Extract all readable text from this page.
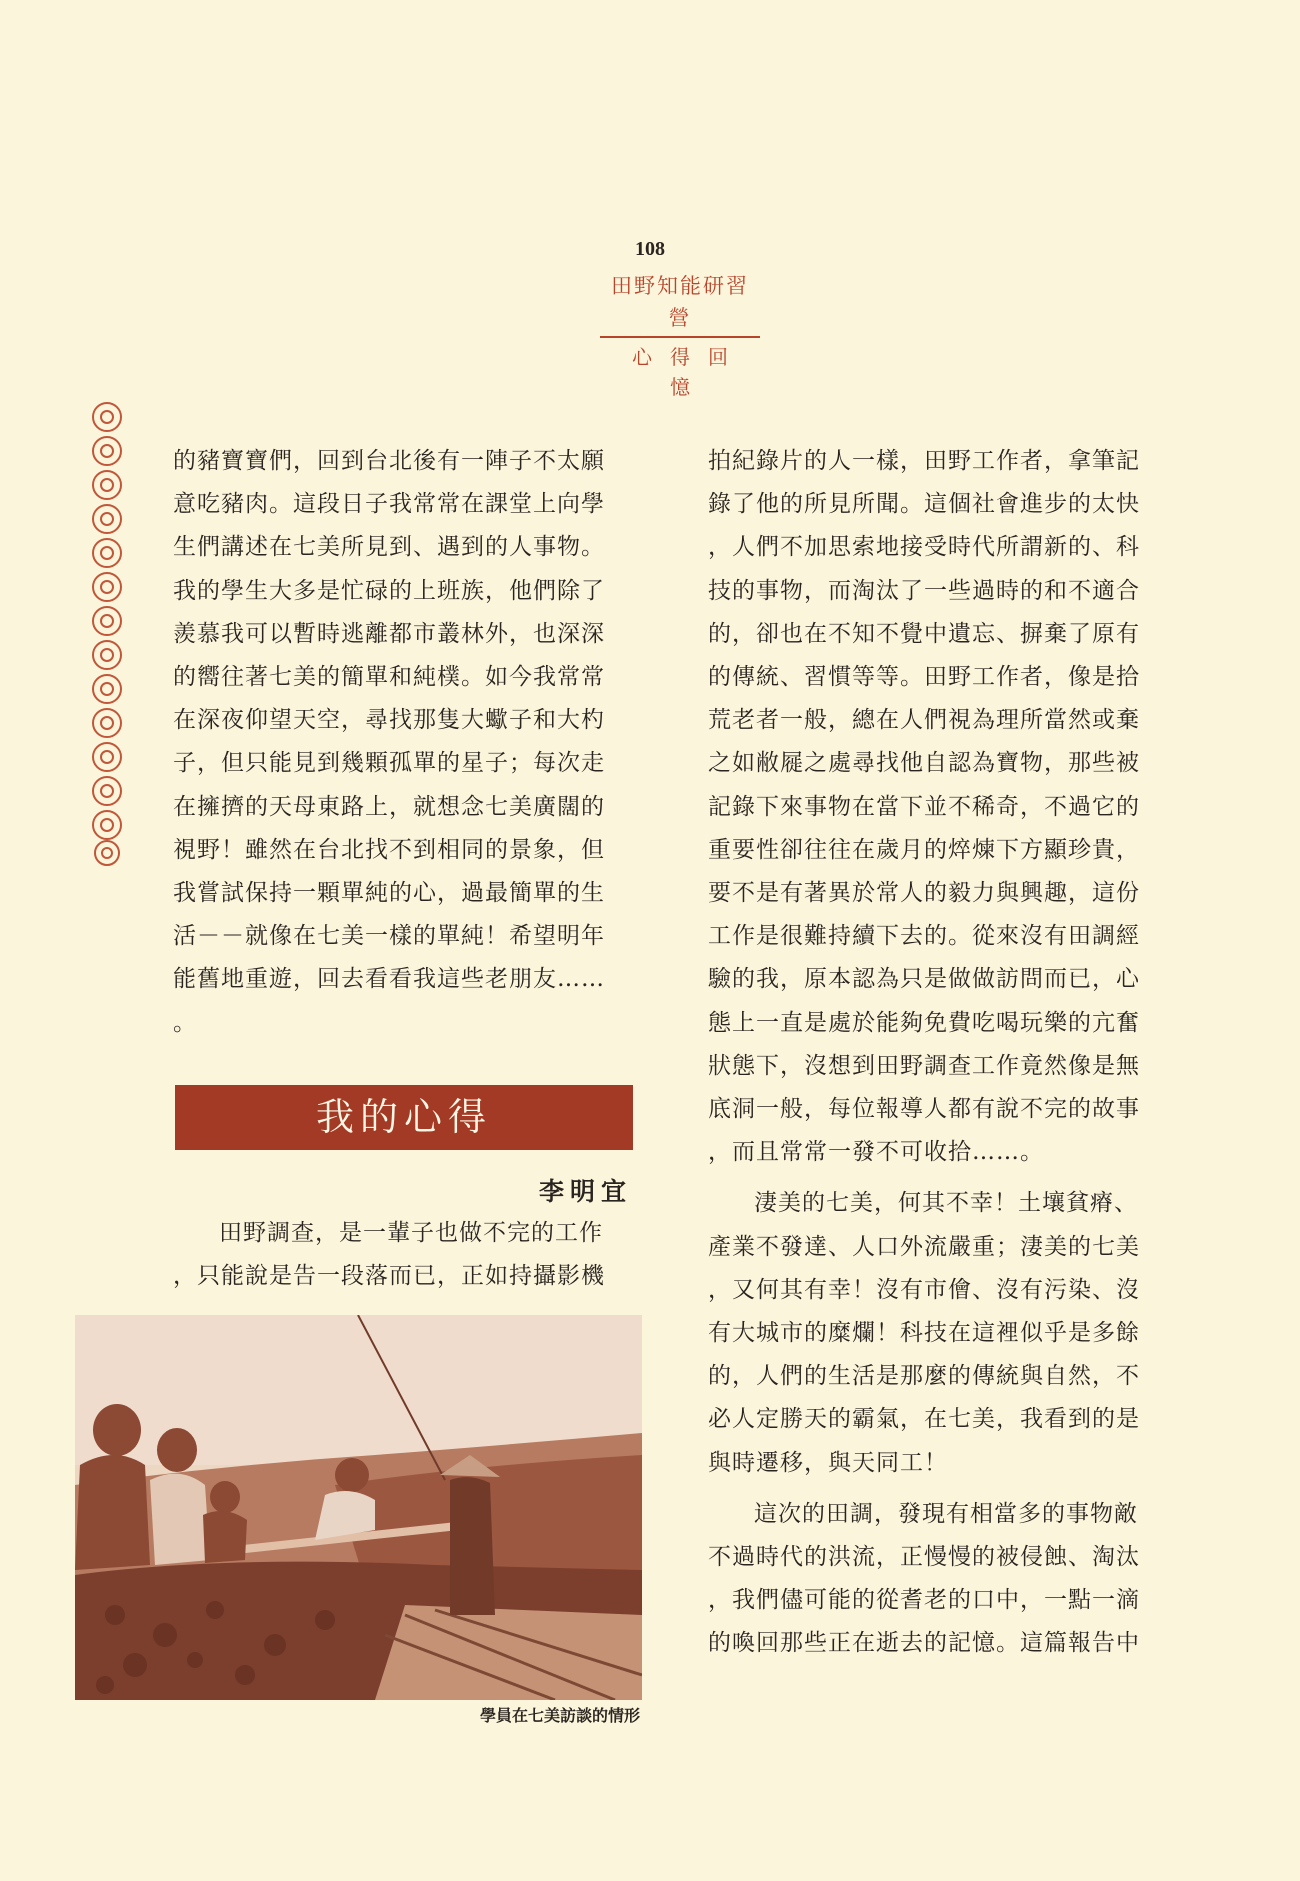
108
田野知能研習營
心得回憶

的豬寶寶們，回到台北後有一陣子不太願

意吃豬肉。這段日子我常常在課堂上向學

生們講述在七美所見到、遇到的人事物。

我的學生大多是忙碌的上班族，他們除了

羨慕我可以暫時逃離都市叢林外，也深深

的嚮往著七美的簡單和純樸。如今我常常

在深夜仰望天空，尋找那隻大蠍子和大杓

子，但只能見到幾顆孤單的星子；每次走

在擁擠的天母東路上，就想念七美廣闊的

視野！雖然在台北找不到相同的景象，但

我嘗試保持一顆單純的心，過最簡單的生

活－－就像在七美一樣的單純！希望明年

能舊地重遊，回去看看我這些老朋友……

。

我的心得
李明宜

田野調查，是一輩子也做不完的工作

，只能說是告一段落而已，正如持攝影機

學員在七美訪談的情形

拍紀錄片的人一樣，田野工作者，拿筆記

錄了他的所見所聞。這個社會進步的太快

，人們不加思索地接受時代所謂新的、科

技的事物，而淘汰了一些過時的和不適合

的，卻也在不知不覺中遺忘、摒棄了原有

的傳統、習慣等等。田野工作者，像是拾

荒老者一般，總在人們視為理所當然或棄

之如敝屣之處尋找他自認為寶物，那些被

記錄下來事物在當下並不稀奇，不過它的

重要性卻往往在歲月的焠煉下方顯珍貴，

要不是有著異於常人的毅力與興趣，這份

工作是很難持續下去的。從來沒有田調經

驗的我，原本認為只是做做訪問而已，心

態上一直是處於能夠免費吃喝玩樂的亢奮

狀態下，沒想到田野調查工作竟然像是無

底洞一般，每位報導人都有說不完的故事

，而且常常一發不可收拾……。

淒美的七美，何其不幸！土壤貧瘠、

產業不發達、人口外流嚴重；淒美的七美

，又何其有幸！沒有市儈、沒有污染、沒

有大城市的糜爛！科技在這裡似乎是多餘

的，人們的生活是那麼的傳統與自然，不

必人定勝天的霸氣，在七美，我看到的是

與時遷移，與天同工！

這次的田調，發現有相當多的事物敵

不過時代的洪流，正慢慢的被侵蝕、淘汰

，我們儘可能的從耆老的口中，一點一滴

的喚回那些正在逝去的記憶。這篇報告中
